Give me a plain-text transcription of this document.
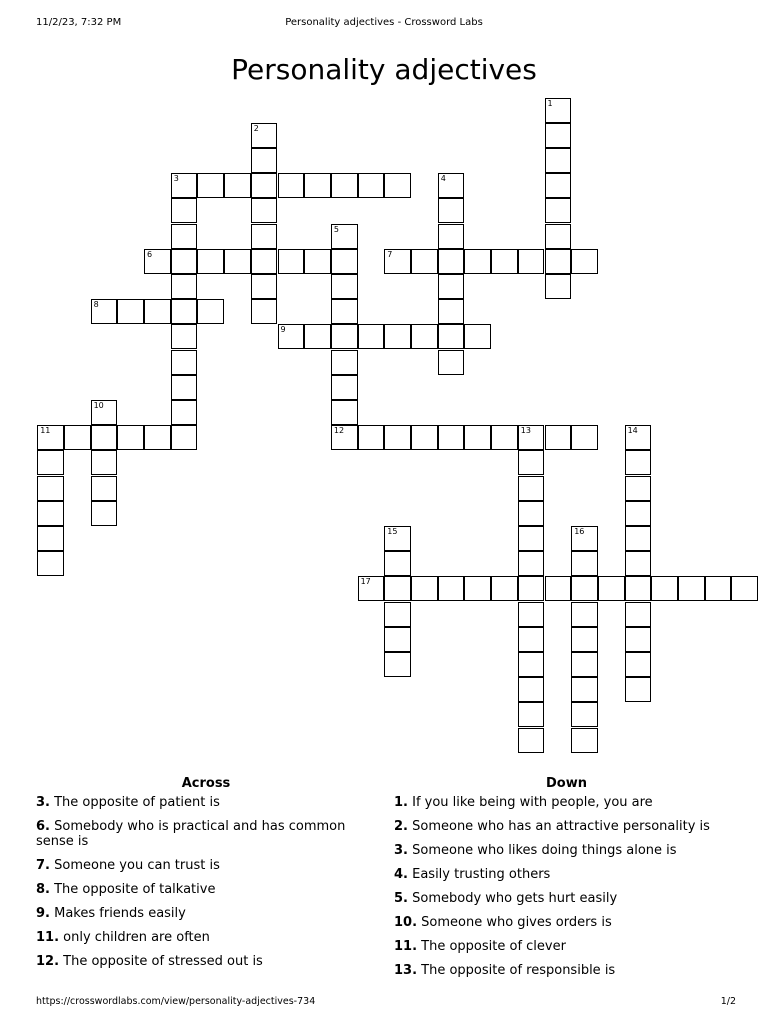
11/2/23, 7:32 PM	Personality adjectives - Crossword Labs
Personality adjectives
1
2
3	4
5
12
6	7
8
9
10
11	13	14
15	16
17
Across
3. The opposite of patient is
6. Somebody who is practical and has common sense is
7. Someone you can trust is
8. The opposite of talkative
9. Makes friends easily
11. only children are often
12. The opposite of stressed out is
Down
1. If you like being with people, you are
2. Someone who has an attractive personality is
3. Someone who likes doing things alone is
4. Easily trusting others
5. Somebody who gets hurt easily
10. Someone who gives orders is
11. The opposite of clever
13. The opposite of responsible is
https://crosswordlabs.com/view/personality-adjectives-734	1/2
